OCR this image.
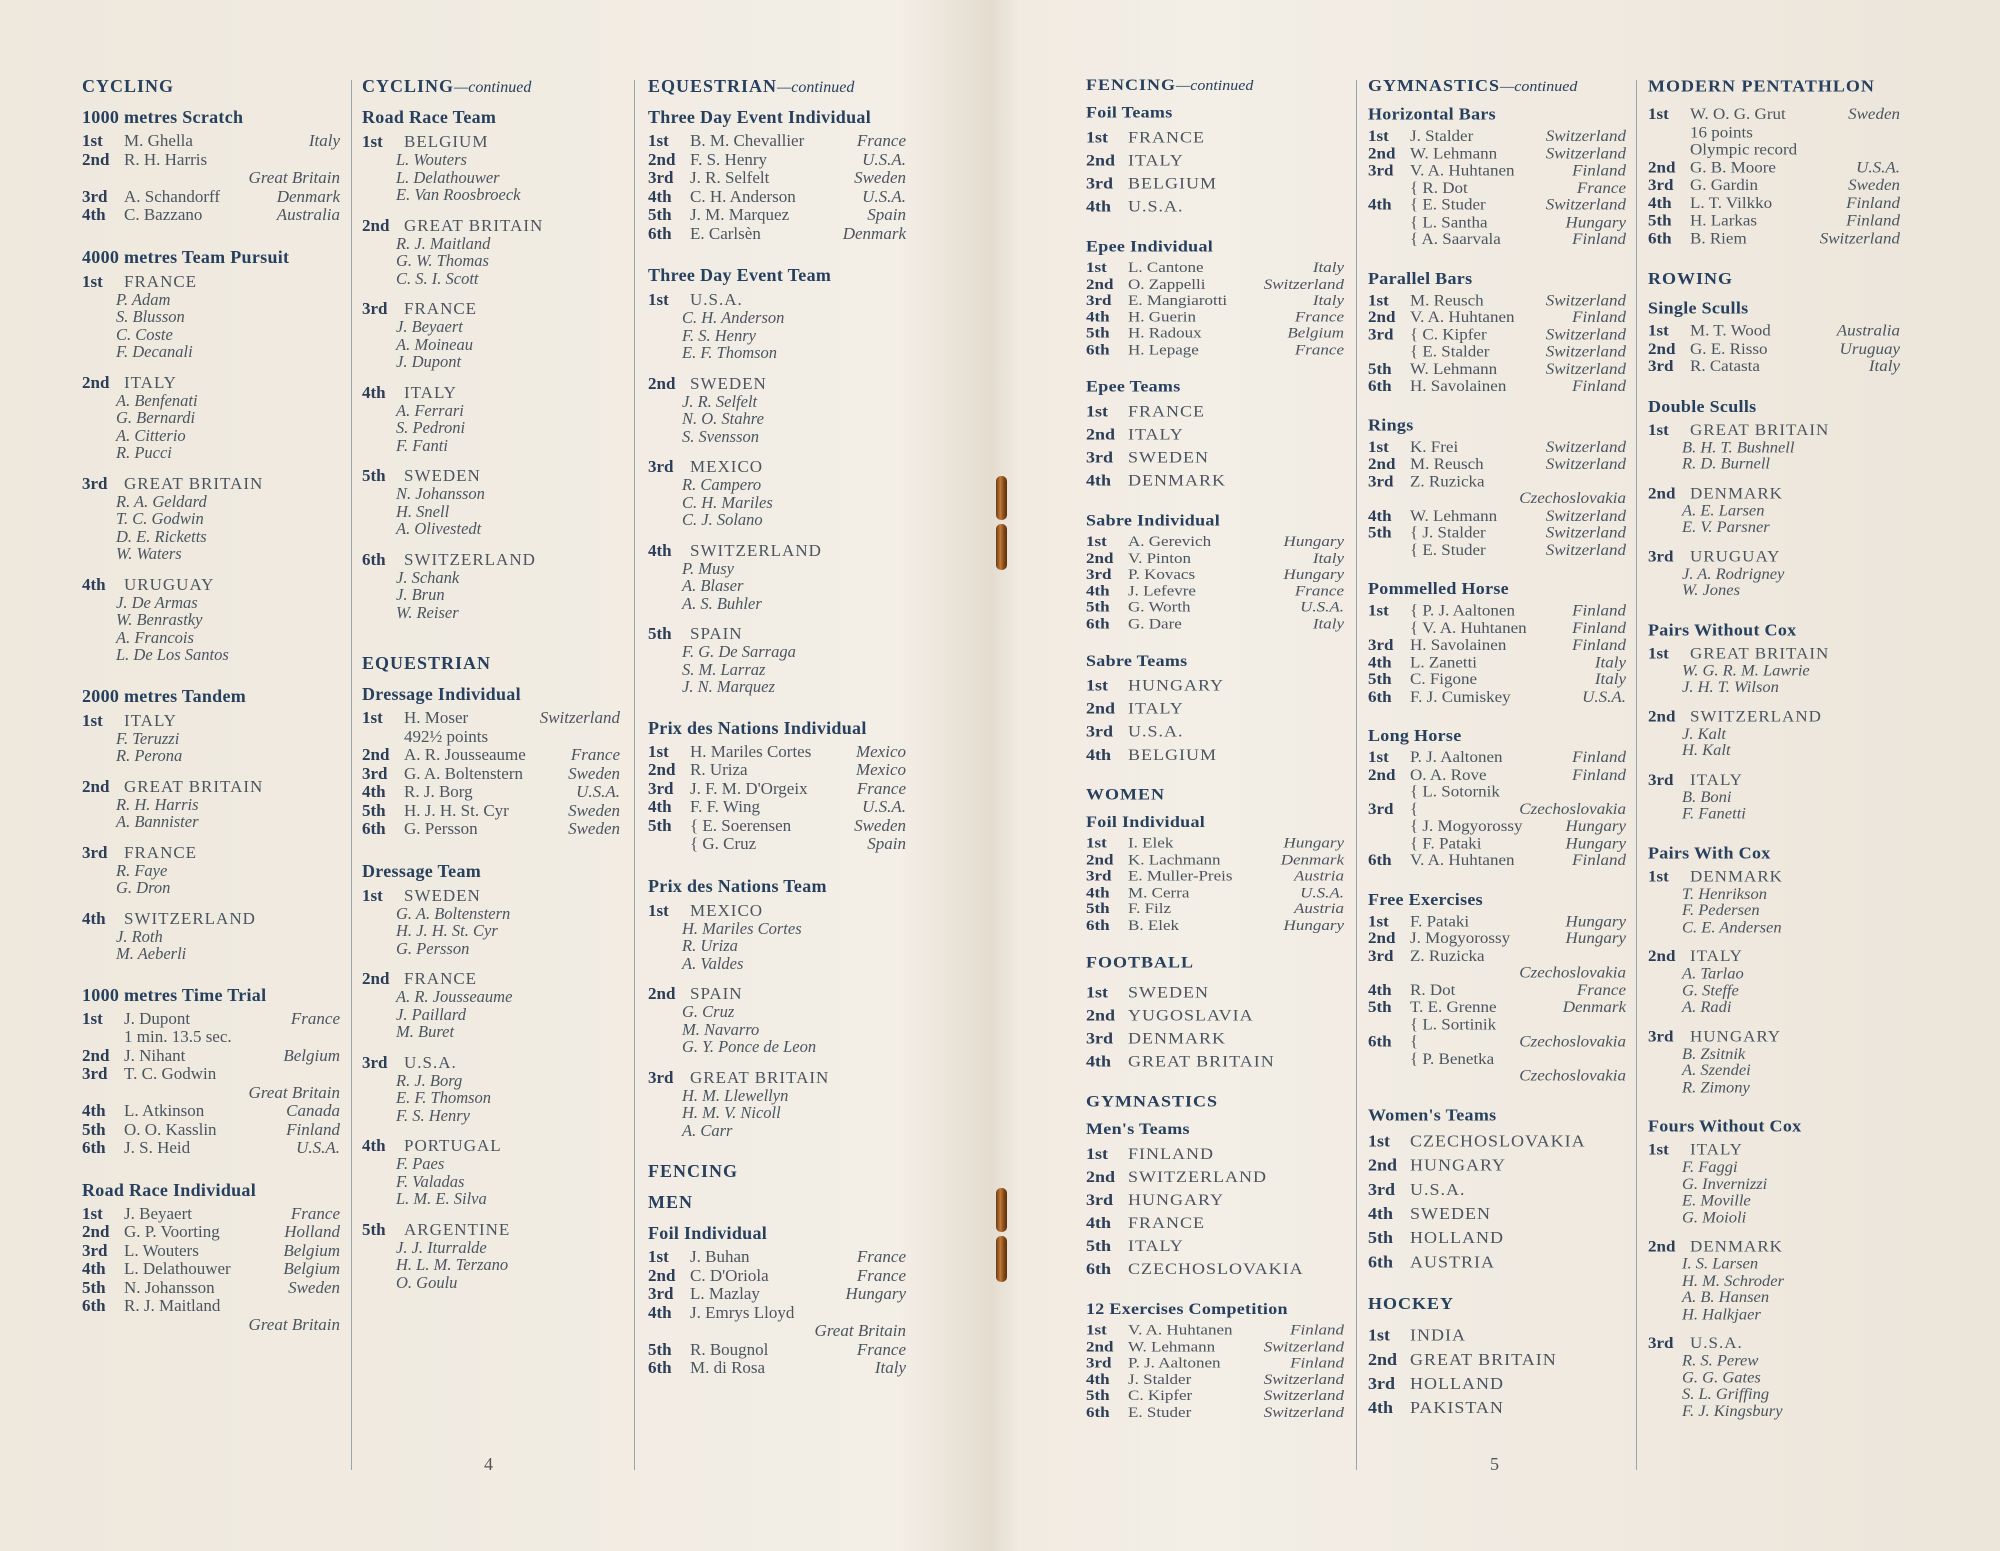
CYCLING
1000 metres Scratch
1st	M. Ghella	Italy
2nd R. H. Harris
Great Britain
3rd A. Schandorff	Denmark
4th	C. Bazzano	Australia
4000 metres Team Pursuit
1st	FRANCE
P. Adam
S. Blusson
C. Coste
F. Decanali
2nd ITALY
A. Benfenati
G. Bernardi
A. Citterio
R. Pucci
3rd GREAT BRITAIN
R. A. Geldard
T. C. Godwin
D. E. Ricketts
W. Waters
4th	URUGUAY
J. De Armas
W. Benrastky
A. Francois
L. De Los Santos
2000 metres Tandem
1st	ITALY
F. Teruzzi
R. Perona
2nd GREAT BRITAIN
R. H. Harris
A. Bannister
3rd FRANCE
R. Faye
G. Dron
4th	SWITZERLAND
J. Roth
M. Aeberli
1000 metres Time Trial
1st	J. Dupont	France
1 min. 13.5 sec.
2nd J. Nihant	Belgium
3rd T. C. Godwin
Great Britain
4th	L. Atkinson	Canada
5th	O. O. Kasslin	Finland
6th	J. S. Heid	U.S.A.
Road Race Individual
1st	J. Beyaert	France
2nd G. P. Voorting	Holland
3rd L. Wouters	Belgium
4th	L. Delathouwer	Belgium
5th	N. Johansson	Sweden
6th	R. J. Maitland
Great Britain
CYCLING—continued
Road Race Team
1st	BELGIUM
L. Wouters
L. Delathouwer
E. Van Roosbroeck
2nd GREAT BRITAIN
R. J. Maitland
G. W. Thomas
C. S. I. Scott
3rd FRANCE
J. Beyaert
A. Moineau
J. Dupont
4th	ITALY
A. Ferrari
S. Pedroni
F. Fanti
5th	SWEDEN
N. Johansson
H. Snell
A. Olivestedt
6th	SWITZERLAND
J. Schank
J. Brun
W. Reiser
EQUESTRIAN
Dressage Individual
1st	H. Moser	Switzerland
492½ points
2nd A. R. Jousseaume	France
3rd G. A. Boltenstern	Sweden
4th	R. J. Borg	U.S.A.
5th	H. J. H. St. Cyr	Sweden
6th	G. Persson	Sweden
Dressage Team
1st	SWEDEN
G. A. Boltenstern
H. J. H. St. Cyr
G. Persson
2nd FRANCE
A. R. Jousseaume
J. Paillard
M. Buret
3rd U.S.A.
R. J. Borg
E. F. Thomson
F. S. Henry
4th	PORTUGAL
F. Paes
F. Valadas
L. M. E. Silva
5th	ARGENTINE
J. J. Iturralde
H. L. M. Terzano
O. Goulu
EQUESTRIAN—continued
Three Day Event Individual
1st	B. M. Chevallier	France
2nd F. S. Henry	U.S.A.
3rd J. R. Selfelt	Sweden
4th	C. H. Anderson	U.S.A.
5th	J. M. Marquez	Spain
6th	E. Carlsèn	Denmark
Three Day Event Team
1st	U.S.A.
C. H. Anderson
F. S. Henry
E. F. Thomson
2nd SWEDEN
J. R. Selfelt
N. O. Stahre
S. Svensson
3rd MEXICO
R. Campero
C. H. Mariles
C. J. Solano
4th	SWITZERLAND
P. Musy
A. Blaser
A. S. Buhler
5th	SPAIN
F. G. De Sarraga
S. M. Larraz
J. N. Marquez
Prix des Nations Individual
1st	H. Mariles Cortes	Mexico
2nd R. Uriza	Mexico
3rd J. F. M. D'Orgeix	France
4th	F. F. Wing	U.S.A.
5th	{ E. Soerensen	Sweden
{ G. Cruz	Spain
Prix des Nations Team
1st	MEXICO
H. Mariles Cortes
R. Uriza
A. Valdes
2nd SPAIN
G. Cruz
M. Navarro
G. Y. Ponce de Leon
3rd GREAT BRITAIN
H. M. Llewellyn
H. M. V. Nicoll
A. Carr
FENCING
MEN
Foil Individual
1st	J. Buhan	France
2nd C. D'Oriola	France
3rd L. Mazlay	Hungary
4th	J. Emrys Lloyd
Great Britain
5th	R. Bougnol	France
6th	M. di Rosa	Italy
4
FENCING—continued
Foil Teams
1st	FRANCE
2nd ITALY
3rd BELGIUM
4th U.S.A.
Epee Individual
1st	L. Cantone	Italy
2nd O. Zappelli	Switzerland
3rd E. Mangiarotti	Italy
4th	H. Guerin	France
5th	H. Radoux	Belgium
6th	H. Lepage	France
Epee Teams
1st	FRANCE
2nd ITALY
3rd SWEDEN
4th DENMARK
Sabre Individual
1st	A. Gerevich	Hungary
2nd V. Pinton	Italy
3rd P. Kovacs	Hungary
4th	J. Lefevre	France
5th	G. Worth	U.S.A.
6th	G. Dare	Italy
Sabre Teams
1st	HUNGARY
2nd ITALY
3rd U.S.A.
4th BELGIUM
WOMEN
Foil Individual
1st	I. Elek	Hungary
2nd K. Lachmann	Denmark
3rd E. Muller-Preis	Austria
4th	M. Cerra	U.S.A.
5th	F. Filz	Austria
6th	B. Elek	Hungary
FOOTBALL
1st	SWEDEN
2nd YUGOSLAVIA
3rd DENMARK
4th GREAT BRITAIN
GYMNASTICS
Men's Teams
1st	FINLAND
2nd SWITZERLAND
3rd HUNGARY
4th FRANCE
5th ITALY
6th CZECHOSLOVAKIA
12 Exercises Competition
1st	V. A. Huhtanen	Finland
2nd W. Lehmann	Switzerland
3rd P. J. Aaltonen	Finland
4th	J. Stalder	Switzerland
5th	C. Kipfer	Switzerland
6th	E. Studer	Switzerland
GYMNASTICS—continued
Horizontal Bars
1st	J. Stalder	Switzerland
2nd W. Lehmann	Switzerland
3rd V. A. Huhtanen	Finland
{ R. Dot	France
4th	{ E. Studer	Switzerland
{ L. Santha	Hungary
{ A. Saarvala	Finland
Parallel Bars
1st	M. Reusch	Switzerland
2nd V. A. Huhtanen	Finland
3rd { C. Kipfer	Switzerland
{ E. Stalder	Switzerland
5th	W. Lehmann	Switzerland
6th	H. Savolainen	Finland
Rings
1st	K. Frei	Switzerland
2nd M. Reusch	Switzerland
3rd Z. Ruzicka
Czechoslovakia
4th	W. Lehmann	Switzerland
5th	{ J. Stalder	Switzerland
{ E. Studer	Switzerland
Pommelled Horse
1st	{ P. J. Aaltonen	Finland
{ V. A. Huhtanen	Finland
3rd H. Savolainen	Finland
4th	L. Zanetti	Italy
5th	C. Figone	Italy
6th	F. J. Cumiskey	U.S.A.
Long Horse
1st	P. J. Aaltonen	Finland
2nd O. A. Rove	Finland
{ L. Sotornik
3rd {	Czechoslovakia
{ J. Mogyorossy	Hungary
{ F. Pataki	Hungary
6th	V. A. Huhtanen	Finland
Free Exercises
1st	F. Pataki	Hungary
2nd J. Mogyorossy	Hungary
3rd Z. Ruzicka
Czechoslovakia
4th	R. Dot	France
5th	T. E. Grenne	Denmark
{ L. Sortinik
6th	{	Czechoslovakia
{ P. Benetka
Czechoslovakia
Women's Teams
1st	CZECHOSLOVAKIA
2nd HUNGARY
3rd U.S.A.
4th SWEDEN
5th HOLLAND
6th AUSTRIA
HOCKEY
1st	INDIA
2nd GREAT BRITAIN
3rd HOLLAND
4th PAKISTAN
MODERN PENTATHLON
1st	W. O. G. Grut	Sweden
16 points
Olympic record
2nd G. B. Moore	U.S.A.
3rd G. Gardin	Sweden
4th	L. T. Vilkko	Finland
5th	H. Larkas	Finland
6th	B. Riem	Switzerland
ROWING
Single Sculls
1st	M. T. Wood	Australia
2nd G. E. Risso	Uruguay
3rd R. Catasta	Italy
Double Sculls
1st	GREAT BRITAIN
B. H. T. Bushnell
R. D. Burnell
2nd DENMARK
A. E. Larsen
E. V. Parsner
3rd URUGUAY
J. A. Rodrigney
W. Jones
Pairs Without Cox
1st	GREAT BRITAIN
W. G. R. M. Lawrie
J. H. T. Wilson
2nd SWITZERLAND
J. Kalt
H. Kalt
3rd ITALY
B. Boni
F. Fanetti
Pairs With Cox
1st	DENMARK
T. Henrikson
F. Pedersen
C. E. Andersen
2nd ITALY
A. Tarlao
G. Steffe
A. Radi
3rd HUNGARY
B. Zsitnik
A. Szendei
R. Zimony
Fours Without Cox
1st	ITALY
F. Faggi
G. Invernizzi
E. Moville
G. Moioli
2nd DENMARK
I. S. Larsen
H. M. Schroder
A. B. Hansen
H. Halkjaer
3rd U.S.A.
R. S. Perew
G. G. Gates
S. L. Griffing
F. J. Kingsbury
5
